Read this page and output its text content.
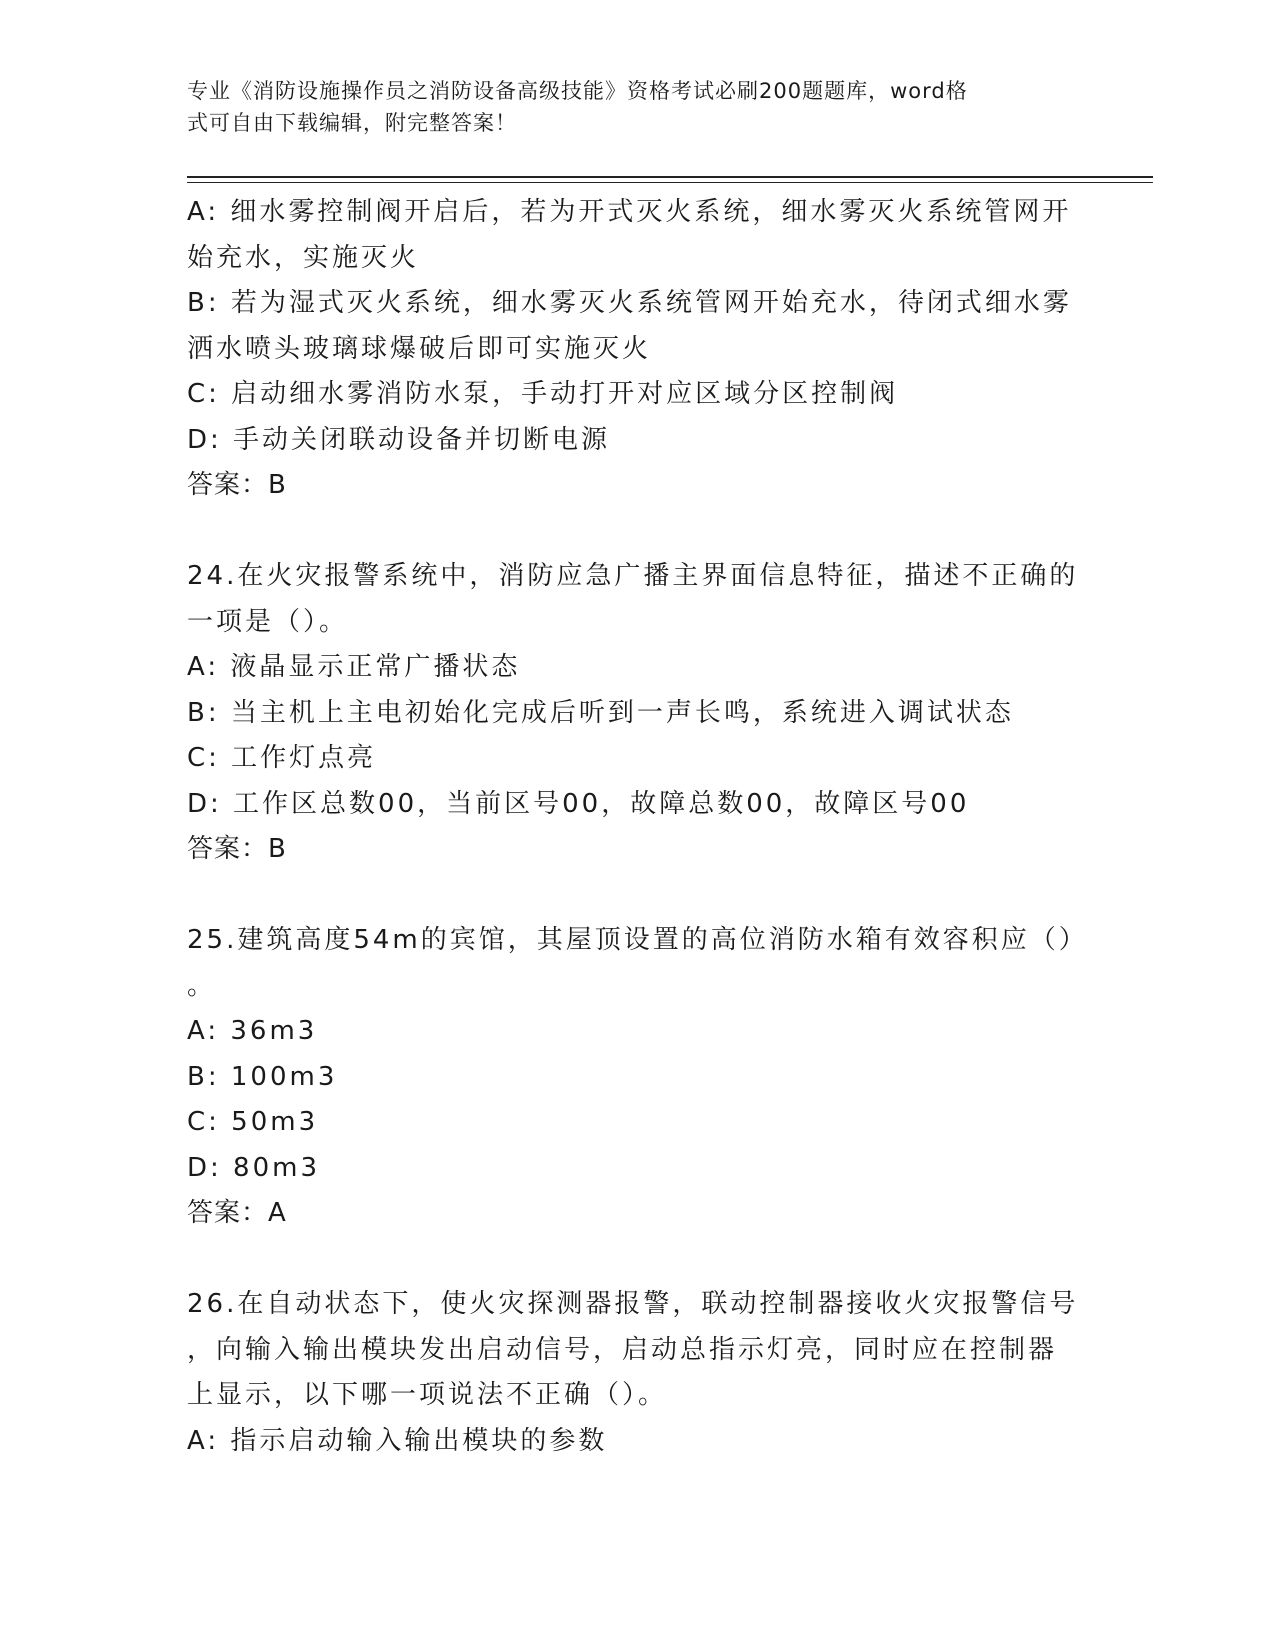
专业《消防设施操作员之消防设备高级技能》资格考试必刷200题题库，word格
式可自由下载编辑，附完整答案！
A: 细水雾控制阀开启后，若为开式灭火系统，细水雾灭火系统管网开
始充水，实施灭火
B: 若为湿式灭火系统，细水雾灭火系统管网开始充水，待闭式细水雾
洒水喷头玻璃球爆破后即可实施灭火
C: 启动细水雾消防水泵，手动打开对应区域分区控制阀
D: 手动关闭联动设备并切断电源
答案：B
24.在火灾报警系统中，消防应急广播主界面信息特征，描述不正确的
一项是（）。
A: 液晶显示正常广播状态
B: 当主机上主电初始化完成后听到一声长鸣，系统进入调试状态
C: 工作灯点亮
D: 工作区总数00，当前区号00，故障总数00，故障区号00
答案：B
25.建筑高度54m的宾馆，其屋顶设置的高位消防水箱有效容积应（）
。
A: 36m3
B: 100m3
C: 50m3
D: 80m3
答案：A
26.在自动状态下，使火灾探测器报警，联动控制器接收火灾报警信号
，向输入输出模块发出启动信号，启动总指示灯亮，同时应在控制器
上显示，以下哪一项说法不正确（）。
A: 指示启动输入输出模块的参数
